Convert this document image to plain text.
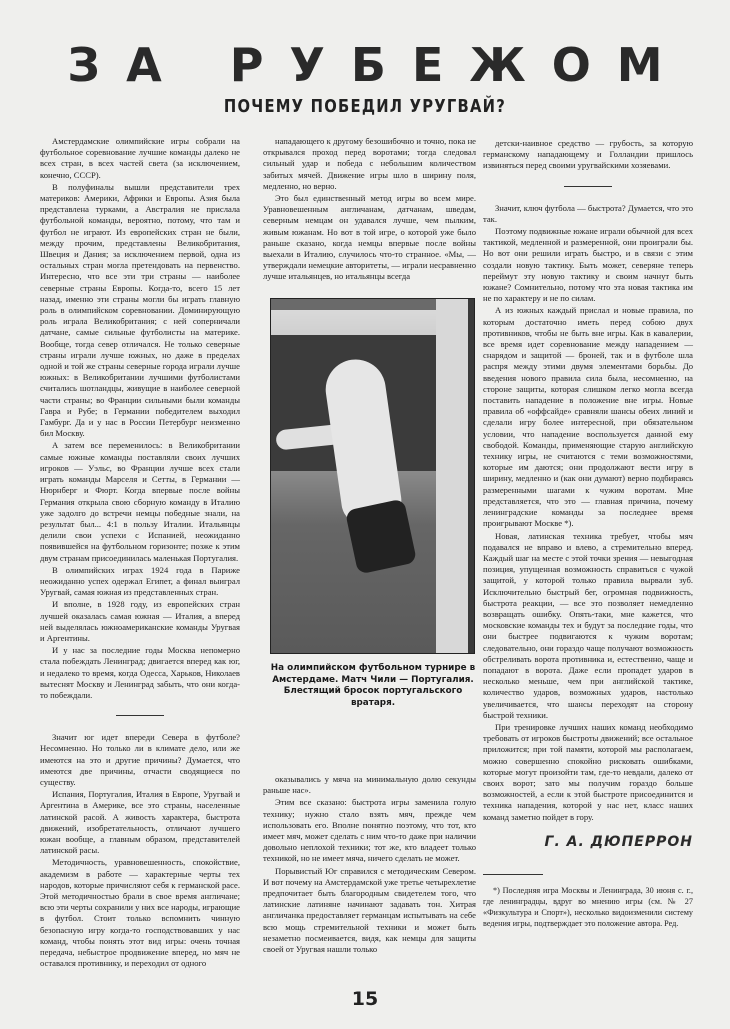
ЗА РУБЕЖОМ
ПОЧЕМУ ПОБЕДИЛ УРУГВАЙ?

Амстердамские олимпийские игры собрали на футбольное соревнование лучшие команды далеко не всех стран, в всех частей света (за исключением, конечно, СССР).

В полуфиналы вышли представители трех материков: Америки, Африки и Европы. Азия была представлена турками, а Австралия не прислала футбольной команды, вероятно, потому, что там и футбол не играют. Из европейских стран не были, между прочим, представлены Великобритания, Швеция и Дания; за исключением первой, одна из остальных стран могла претендовать на первенство. Интересно, что все эти три страны — наиболее северные страны Европы. Когда-то, всего 15 лет назад, именно эти страны могли бы играть главную роль в олимпийском соревновании. Доминирующую роль играла Великобритания; с ней соперничали датчане, самые сильные футболисты на материке. Вообще, тогда север отличался. Не только северные страны играли лучше южных, но даже в пределах одной и той же страны северные города играли лучше южных: в Великобритании лучшими футболистами считались шотландцы, живущие в наиболее северной части страны; во Франции сильными были команды Гавра и Рубе; в Германии победителем выходил Гамбург. Да и у нас в России Петербург неизменно бил Москву.

А затем все переменилось: в Великобритании самые южные команды поставляли своих лучших игроков — Уэльс, во Франции лучше всех стали играть команды Марселя и Сетты, в Германии — Нюрнберг и Фюрт. Когда впервые после войны Германия открыла свою сборную команду в Италию уже задолго до встречи немцы победные знали, на результат был... 4:1 в пользу Италии. Итальянцы делили свои успехи с Испанией, неожиданно появившейся на футбольном горизонте; позже к этим двум странам присоединилась маленькая Португалия.

В олимпийских играх 1924 года в Париже неожиданно успех одержал Египет, а финал выиграл Уругвай, самая южная из представленных стран.

И вполне, в 1928 году, из европейских стран лучшей оказалась самая южная — Италия, а вперед ней выделялась южноамериканские команды Уругвая и Аргентины.

И у нас за последние годы Москва непомерно стала побеждать Ленинград; двигается вперед как юг, и недалеко то время, когда Одесса, Харьков, Николаев вытеснят Москву и Ленинград забыть, что они когда-то побеждали.

Значит юг идет впереди Севера в футболе? Несомненно. Но только ли в климате дело, или же имеются на это и другие причины? Думается, что имеются две причины, отчасти сводящиеся по существу.

Испания, Португалия, Италия в Европе, Уругвай и Аргентина в Америке, все это страны, населенные латинской расой. А живость характера, быстрота движений, изобретательность, отличают лучшего южан вообще, а главным образом, представителей латинской расы.

Методичность, уравновешенность, спокойствие, академизм в работе — характерные черты тех народов, которые причисляют себя к германской расе. Этой методичностью брали в свое время англичане; всю эти черты сохранили у них все народы, играющие в футбол. Стоит только вспомнить чинную безопасную игру когда-то господствовавших у нас команд, чтобы понять этот вид игры: очень точная передача, небыстрое продвижение вперед, но мяч не оставался противнику, и переходил от одного

нападающего к другому безошибочно и точно, пока не открывался проход перед воротами; тогда следовал сильный удар и победа с небольшим количеством забитых мячей. Движение игры шло в ширину поля, медленно, но верно.

Это был единственный метод игры во всем мире. Уравновешенным англичанам, датчанам, шведам, северным немцам он удавался лучше, чем пылким, живым южанам. Но вот в той игре, о которой уже было раньше сказано, когда немцы впервые после войны выехали в Италию, случилось что-то странное. «Мы, — утверждали немецкие авторитеты, — играли несравненно лучше итальянцев, но итальянцы всегда

На олимпийском футбольном турнире в Амстердаме. Матч Чили — Португалия. Блестящий бросок португальского вратаря.

оказывались у мяча на минимальную долю секунды раньше нас».

Этим все сказано: быстрота игры заменила голую технику; нужно стало взять мяч, прежде чем использовать его. Вполне понятно поэтому, что тот, кто имеет мяч, может сделать с ним что-то даже при наличии довольно неплохой техники; тот же, кто владеет только техникой, но не имеет мяча, ничего сделать не может.

Порывистый Юг справился с методическим Севером. И вот почему на Амстердамской уже третье четырехлетие предпочитает быть благородным свидетелем того, что латинские латиняне начинают задавать тон. Хитрая англичанка предоставляет германцам испытывать на себе всю мощь стремительной техники и может быть незаметно посмеивается, видя, как немцы для защиты своей от Уругвая нашли только

детски-наивное средство — грубость, за которую германскому нападающему и Голландии пришлось извиняться перед своими уругвайскими хозяевами.

Значит, ключ футбола — быстрота? Думается, что это так.

Поэтому подвижные южане играли обычной для всех тактикой, медленной и размеренной, они проиграли бы. Но вот они решили играть быстро, и в связи с этим создали новую тактику. Быть может, северяне теперь переймут эту новую тактику и своим начнут быть южане? Сомнительно, потому что эта новая тактика им не по характеру и не по силам.

А из южных каждый прислал и новые правила, по которым достаточно иметь перед собою двух противников, чтобы не быть вне игры. Как в кавалерии, все время идет соревнование между нападением — снарядом и защитой — броней, так и в футболе шла распря между этими двумя элементами борьбы. До введения нового правила сила была, несомненно, на стороне защиты, которая слишком легко могла всегда поставить нападение в положение вне игры. Новые правила об «оффсайде» сравняли шансы обеих линий и сделали игру более интересной, при обязательном условии, что нападение воспользуется данной ему свободой. Команды, применяющие старую английскую технику игры, не считаются с теми возможностями, которые им даются; они продолжают вести игру в ширину, медленно и (как они думают) верно подбираясь размеренными шагами к чужим воротам. Мне представляется, что это — главная причина, почему ленинградские команды за последнее время проигрывают Москве *).

Новая, латинская техника требует, чтобы мяч подавался не вправо и влево, а стремительно вперед. Каждый шаг на месте с этой точки зрения — невыгодная позиция, упущенная возможность справиться с чужой защитой, у которой только правила вырвали зуб. Исключительно быстрый бег, огромная подвижность, быстрота реакции, — все это позволяет немедленно возвращать ошибку. Опять-таки, мне кажется, что московские команды тех и будут за последние годы, что они быстрее подвигаются к чужим воротам; следовательно, они гораздо чаще получают возможность обстреливать ворота противника и, естественно, чаще и попадают в ворота. Даже если пропадет ударов в несколько меньше, чем при английской тактике, количество ударов, возможных ударов, настолько увеличивается, что шансы переходят на сторону быстрой техники.

При тренировке лучших наших команд необходимо требовать от игроков быстроты движений; все остальное приложится; при той памяти, которой мы располагаем, можно совершенно спокойно рисковать ошибками, которые могут произойти там, где-то невдали, далеко от своих ворот; зато мы получим гораздо больше возможностей, а если к этой быстроте присоединится и техника нападения, которой у нас нет, класс наших команд заметно пойдет в гору.

Г. А. ДЮПЕРРОН

*) Последняя игра Москвы и Ленинграда, 30 июня с. г., где ленинградцы, вдруг во мнению игры (см. № 27 «Физкультура и Спорт»), несколько видоизменили систему ведения игры, подтверждает это положение автора. Ред.

15
